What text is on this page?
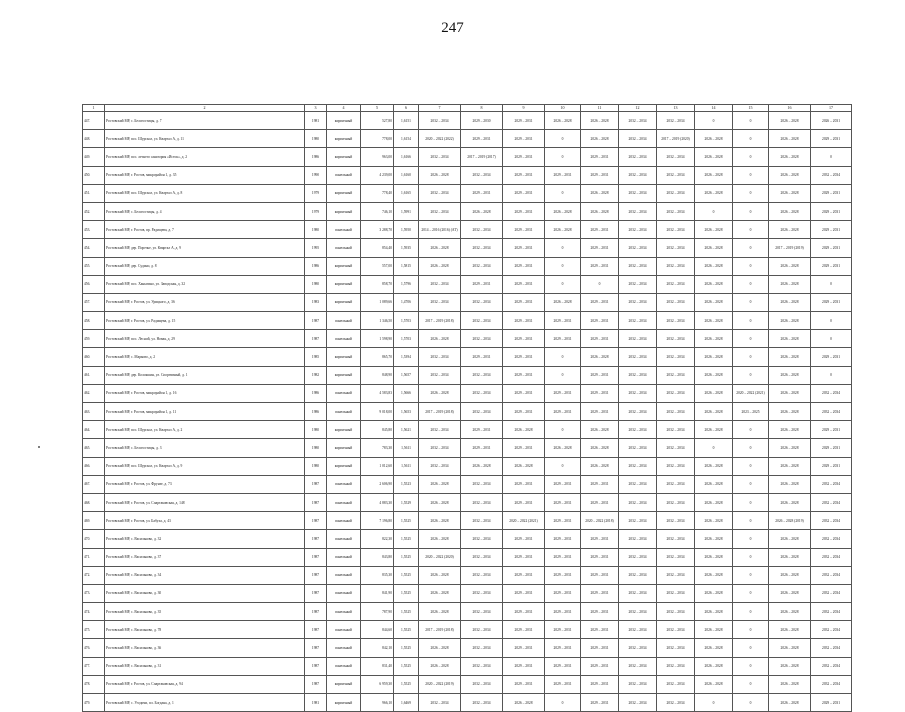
247
1	2	3	4	5	6	7	8	9	10	11	12	13	14	15	16	17
447.	Ростовский МР, с. Белогостицы, д. 7	1981	кирпичный	527,80	1,6151	2032 – 2034	2029 – 2030	2029 – 2031	2026 – 2028	2026 – 2028	2032 – 2034	2032 – 2034	0	0	2026 – 2028	2026 – 2031
448.	Ростовский МР, пос. Шурскол, ул. Квартал А, д. 11	1980	кирпичный	778,00	1,6154	2020 – 2022 (2022)	2029 – 2031	2029 – 2031	0	2026 – 2028	2032 – 2034	2017 – 2019 (2020)	2026 – 2028	0	2026 – 2028	2029 – 2031
449.	Ростовский МР, пос. летнего санатория «Исток», д. 2	1986	кирпичный	963,00	1,6166	2032 – 2034	2017 – 2019 (2017)	2029 – 2031	0	2029 – 2031	2032 – 2034	2032 – 2034	2026 – 2028	0	2026 – 2028	0
450.	Ростовский МР, г. Ростов, микрорайон 1, д. 35	1990	панельный	4 239,00	1,6160	2026 – 2028	2032 – 2034	2029 – 2031	2029 – 2031	2029 – 2031	2032 – 2034	2032 – 2034	2026 – 2028	0	2026 – 2028	2032 – 2034
451.	Ростовский МР, пос. Шурскол, ул. Квартал А, д. 8	1979	кирпичный	778,40	1,6165	2032 – 2034	2029 – 2031	2029 – 2031	0	2026 – 2028	2032 – 2034	2032 – 2034	2026 – 2028	0	2026 – 2028	2029 – 2031
452.	Ростовский МР, с. Белогостицы, д. 4	1979	кирпичный	746,10	1,5991	2032 – 2034	2026 – 2028	2029 – 2031	2026 – 2028	2026 – 2028	2032 – 2034	2032 – 2034	0	0	2026 – 2028	2029 – 2031
453.	Ростовский МР, г. Ростов, пр. Радищева, д. 7	1980	панельный	3 288,70	1,5950	2014 – 2016 (2016) (АТ)	2032 – 2034	2029 – 2031	2026 – 2028	2029 – 2031	2032 – 2034	2032 – 2034	2026 – 2028	0	2026 – 2028	2029 – 2031
454.	Ростовский МР, дер. Поречье, ул. Квартал А, д. 9	1995	панельный	854,40	1,5935	2026 – 2028	2032 – 2034	2029 – 2031	0	2029 – 2031	2032 – 2034	2032 – 2034	2026 – 2028	0	2017 – 2019 (2019)	2029 – 2031
455.	Ростовский МР, дер. Судино, д. 8	1986	кирпичный	557,00	1,5815	2026 – 2028	2032 – 2034	2029 – 2031	0	2029 – 2031	2032 – 2034	2032 – 2034	2026 – 2028	0	2026 – 2028	2029 – 2031
456.	Ростовский МР, пос. Ханыгино, ул. Заводская, д. 32	1980	кирпичный	858,70	1,5796	2032 – 2034	2029 – 2031	2029 – 2031	0	0	2032 – 2034	2032 – 2034	2026 – 2028	0	2026 – 2028	0
457.	Ростовский МР, г. Ростов, ул. Урицкого, д. 36	1983	кирпичный	1 089,66	1,4706	2032 – 2034	2032 – 2034	2029 – 2031	2026 – 2028	2029 – 2031	2032 – 2034	2032 – 2034	2026 – 2028	0	2026 – 2028	2029 – 2031
458.	Ростовский МР, г. Ростов, ул. Радищева, д. 15	1987	панельный	1 346,50	1,5703	2017 – 2019 (2018)	2032 – 2034	2029 – 2031	2029 – 2031	2029 – 2031	2032 – 2034	2032 – 2034	2026 – 2028	0	2026 – 2028	0
459.	Ростовский МР, пос. Лесной, ул. Новая, д. 29	1987	панельный	1 598,90	1,5703	2026 – 2028	2032 – 2034	2029 – 2031	2029 – 2031	2029 – 2031	2032 – 2034	2032 – 2034	2026 – 2028	0	2026 – 2028	0
460.	Ростовский МР, с. Марково, д. 2	1985	кирпичный	865,70	1,5394	2032 – 2034	2029 – 2031	2029 – 2031	0	2026 – 2028	2032 – 2034	2032 – 2034	2026 – 2028	0	2026 – 2028	2029 – 2031
461.	Ростовский МР, дер. Колокшин, ул. Спортивный, д. 1	1982	кирпичный	848,90	1,5657	2032 – 2034	2032 – 2034	2029 – 2031	0	2029 – 2031	2032 – 2034	2032 – 2034	2026 – 2028	0	2026 – 2028	0
462.	Ростовский МР, г. Ростов, микрорайон 1, д. 16	1986	панельный	4 583,83	1,5666	2026 – 2028	2032 – 2034	2029 – 2031	2029 – 2031	2029 – 2031	2032 – 2034	2032 – 2034	2026 – 2028	2020 – 2022 (2021)	2026 – 2028	2032 – 2034
463.	Ростовский МР, г. Ростов, микрорайон 1, д. 11	1986	панельный	9 018,00	1,5653	2017 – 2019 (2018)	2032 – 2034	2029 – 2031	2029 – 2031	2029 – 2031	2032 – 2034	2032 – 2034	2026 – 2028	2023 – 2025	2026 – 2028	2032 – 2034
464.	Ростовский МР, пос. Шурскол, ул. Квартал А, д. 2	1980	кирпичный	845,80	1,5621	2032 – 2034	2029 – 2031	2026 – 2028	0	2026 – 2028	2032 – 2034	2032 – 2034	2026 – 2028	0	2026 – 2028	2029 – 2031
465.	Ростовский МР, с. Белогостицы, д. 3	1980	кирпичный	783,30	1,5611	2032 – 2034	2029 – 2031	2029 – 2031	2026 – 2028	2026 – 2028	2032 – 2034	2032 – 2034	0	0	2026 – 2028	2029 – 2031
466.	Ростовский МР, пос. Шурскол, ул. Квартал А, д. 9	1980	кирпичный	1 012,60	1,5611	2032 – 2034	2026 – 2028	2026 – 2028	0	2026 – 2028	2032 – 2034	2032 – 2034	2026 – 2028	0	2026 – 2028	2029 – 2031
467.	Ростовский МР, г. Ростов, ул. Фрунзе, д. 73	1987	панельный	2 606,90	1,5523	2026 – 2028	2032 – 2034	2029 – 2031	2029 – 2031	2029 – 2031	2032 – 2034	2032 – 2034	2026 – 2028	0	2026 – 2028	2032 – 2034
468.	Ростовский МР, г. Ростов, ул. Спартаковская, д. 148	1987	панельный	4 883,30	1,5529	2026 – 2028	2032 – 2034	2029 – 2031	2029 – 2031	2029 – 2031	2032 – 2034	2032 – 2034	2026 – 2028	0	2026 – 2028	2032 – 2034
469.	Ростовский МР, г. Ростов, ул. Бабуха, д. 43	1987	панельный	7 196,80	1,5525	2026 – 2028	2032 – 2034	2020 – 2022 (2021)	2029 – 2031	2020 – 2022 (2018)	2032 – 2034	2032 – 2034	2026 – 2028	0	2026 – 2028 (2019)	2032 – 2034
470.	Ростовский МР, с. Васильково, д. 32	1987	панельный	822,30	1,5525	2026 – 2028	2032 – 2034	2029 – 2031	2029 – 2031	2029 – 2031	2032 – 2034	2032 – 2034	2026 – 2028	0	2026 – 2028	2032 – 2034
471.	Ростовский МР, с. Васильково, д. 37	1987	панельный	843,80	1,5525	2020 – 2022 (2020)	2032 – 2034	2029 – 2031	2029 – 2031	2029 – 2031	2032 – 2034	2032 – 2034	2026 – 2028	0	2026 – 2028	2032 – 2034
472.	Ростовский МР, с. Васильково, д. 34	1987	панельный	835,30	1,5525	2026 – 2028	2032 – 2034	2029 – 2031	2029 – 2031	2029 – 2031	2032 – 2034	2032 – 2034	2026 – 2028	0	2026 – 2028	2032 – 2034
473.	Ростовский МР, с. Васильково, д. 30	1987	панельный	841,90	1,5525	2026 – 2028	2032 – 2034	2029 – 2031	2029 – 2031	2029 – 2031	2032 – 2034	2032 – 2034	2026 – 2028	0	2026 – 2028	2032 – 2034
474.	Ростовский МР, с. Васильково, д. 35	1987	панельный	787,90	1,5525	2026 – 2028	2032 – 2034	2029 – 2031	2029 – 2031	2029 – 2031	2032 – 2034	2032 – 2034	2026 – 2028	0	2026 – 2028	2032 – 2034
475.	Ростовский МР, с. Васильково, д. 78	1987	панельный	844,60	1,5525	2017 – 2019 (2018)	2032 – 2034	2029 – 2031	2029 – 2031	2029 – 2031	2032 – 2034	2032 – 2034	2026 – 2028	0	2026 – 2028	2032 – 2034
476.	Ростовский МР, с. Васильково, д. 36	1987	панельный	842,10	1,5525	2026 – 2028	2032 – 2034	2029 – 2031	2029 – 2031	2029 – 2031	2032 – 2034	2032 – 2034	2026 – 2028	0	2026 – 2028	2032 – 2034
477.	Ростовский МР, с. Васильково, д. 31	1987	панельный	831,40	1,5525	2026 – 2028	2032 – 2034	2029 – 2031	2029 – 2031	2029 – 2031	2032 – 2034	2032 – 2034	2026 – 2028	0	2026 – 2028	2032 – 2034
478.	Ростовский МР, г. Ростов, ул. Спартаковская, д. 94	1987	кирпичный	6 959,30	1,5525	2020 – 2022 (2019)	2032 – 2034	2029 – 2031	2029 – 2031	2029 – 2031	2032 – 2034	2032 – 2034	2026 – 2028	0	2026 – 2028	2032 – 2034
479.	Ростовский МР, с. Угодичи, пл. Богдана, д. 1	1981	кирпичный	966,10	1,6469	2032 – 2034	2032 – 2034	2026 – 2028	0	2029 – 2031	2032 – 2034	2032 – 2034	0	0	2026 – 2028	2029 – 2031
